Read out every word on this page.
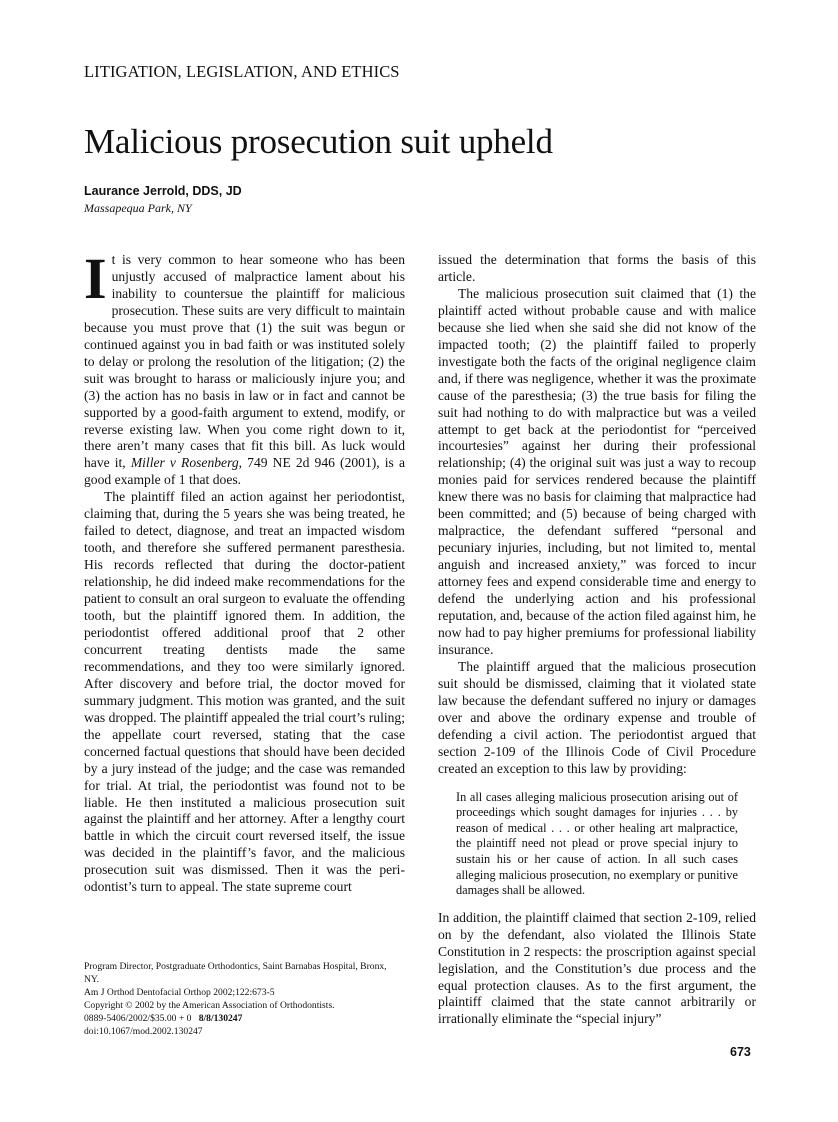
LITIGATION, LEGISLATION, AND ETHICS
Malicious prosecution suit upheld
Laurance Jerrold, DDS, JD
Massapequa Park, NY

It is very common to hear someone who has been unjustly accused of malpractice lament about his inability to countersue the plaintiff for malicious prosecution. These suits are very difficult to maintain because you must prove that (1) the suit was begun or continued against you in bad faith or was instituted solely to delay or prolong the resolution of the litigation; (2) the suit was brought to harass or maliciously injure you; and (3) the action has no basis in law or in fact and cannot be supported by a good-faith argument to extend, modify, or reverse existing law. When you come right down to it, there aren’t many cases that fit this bill. As luck would have it, Miller v Rosenberg, 749 NE 2d 946 (2001), is a good example of 1 that does.

The plaintiff filed an action against her periodontist, claiming that, during the 5 years she was being treated, he failed to detect, diagnose, and treat an impacted wisdom tooth, and therefore she suffered permanent paresthesia. His records reflected that during the doctor-patient relationship, he did indeed make recommendations for the patient to consult an oral surgeon to evaluate the offending tooth, but the plaintiff ignored them. In addition, the periodontist offered additional proof that 2 other concurrent treating dentists made the same recommendations, and they too were similarly ignored. After discovery and before trial, the doctor moved for summary judgment. This motion was granted, and the suit was dropped. The plaintiff appealed the trial court’s ruling; the appellate court reversed, stating that the case concerned factual questions that should have been decided by a jury instead of the judge; and the case was remanded for trial. At trial, the periodontist was found not to be liable. He then instituted a malicious prosecution suit against the plaintiff and her attorney. After a lengthy court battle in which the circuit court reversed itself, the issue was decided in the plaintiff’s favor, and the malicious prosecution suit was dismissed. Then it was the periodontist’s turn to appeal. The state supreme court

issued the determination that forms the basis of this article.

The malicious prosecution suit claimed that (1) the plaintiff acted without probable cause and with malice because she lied when she said she did not know of the impacted tooth; (2) the plaintiff failed to properly investigate both the facts of the original negligence claim and, if there was negligence, whether it was the proximate cause of the paresthesia; (3) the true basis for filing the suit had nothing to do with malpractice but was a veiled attempt to get back at the periodontist for “perceived incourtesies” against her during their professional relationship; (4) the original suit was just a way to recoup monies paid for services rendered because the plaintiff knew there was no basis for claiming that malpractice had been committed; and (5) because of being charged with malpractice, the defendant suffered “personal and pecuniary injuries, including, but not limited to, mental anguish and increased anxiety,” was forced to incur attorney fees and expend considerable time and energy to defend the underlying action and his professional reputation, and, because of the action filed against him, he now had to pay higher premiums for professional liability insurance.

The plaintiff argued that the malicious prosecution suit should be dismissed, claiming that it violated state law because the defendant suffered no injury or damages over and above the ordinary expense and trouble of defending a civil action. The periodontist argued that section 2-109 of the Illinois Code of Civil Procedure created an exception to this law by providing:

In all cases alleging malicious prosecution arising out of proceedings which sought damages for injuries . . . by reason of medical . . . or other healing art malpractice, the plaintiff need not plead or prove special injury to sustain his or her cause of action. In all such cases alleging malicious prosecution, no exemplary or punitive damages shall be allowed.

In addition, the plaintiff claimed that section 2-109, relied on by the defendant, also violated the Illinois State Constitution in 2 respects: the proscription against special legislation, and the Constitution’s due process and the equal protection clauses. As to the first argument, the plaintiff claimed that the state cannot arbitrarily or irrationally eliminate the “special injury”

Program Director, Postgraduate Orthodontics, Saint Barnabas Hospital, Bronx,
NY.
Am J Orthod Dentofacial Orthop 2002;122:673-5
Copyright © 2002 by the American Association of Orthodontists.
0889-5406/2002/$35.00 + 0 8/8/130247
doi:10.1067/mod.2002.130247
673
